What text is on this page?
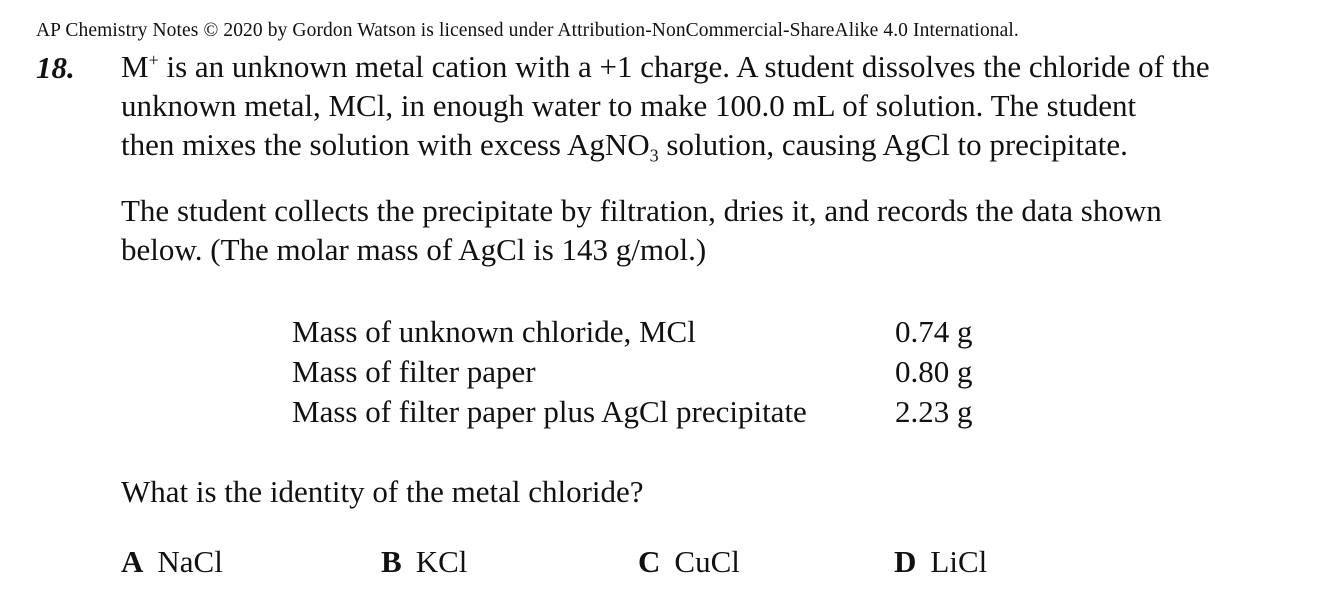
AP Chemistry Notes © 2020 by Gordon Watson is licensed under Attribution-NonCommercial-ShareAlike 4.0 International.
18. M+ is an unknown metal cation with a +1 charge. A student dissolves the chloride of the
unknown metal, MCl, in enough water to make 100.0 mL of solution. The student
then mixes the solution with excess AgNO$_3$ solution, causing AgCl to precipitate.
The student collects the precipitate by filtration, dries it, and records the data shown
below. (The molar mass of AgCl is 143 g/mol.)
Mass of unknown chloride, MCl	0.74 g
Mass of filter paper	0.80 g
Mass of filter paper plus AgCl precipitate	2.23 g
What is the identity of the metal chloride?
A NaCl	B KCl	C CuCl	D LiCl
